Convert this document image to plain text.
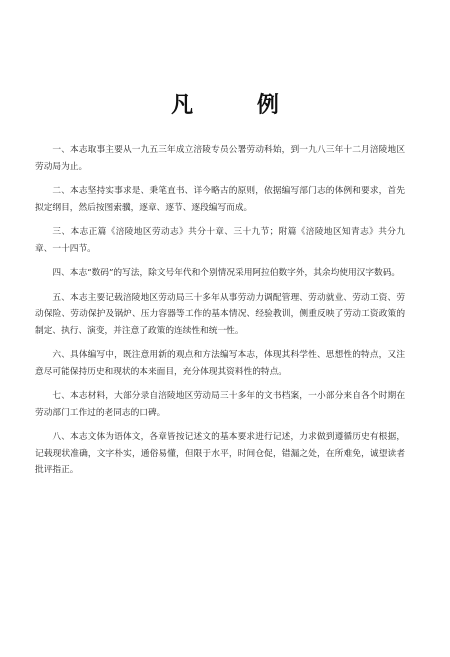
凡 例

一、本志取事主要从一九五三年成立涪陵专员公署劳动科始，到一九八三年十二月涪陵地区劳动局为止。

二、本志坚持实事求是、秉笔直书、详今略古的原则，依据编写部门志的体例和要求，首先拟定纲目，然后按图索骥，逐章、逐节、逐段编写而成。

三、本志正篇《涪陵地区劳动志》共分十章、三十九节；附篇《涪陵地区知青志》共分九章、一十四节。

四、本志“数码”的写法，除文号年代和个别情况采用阿拉伯数字外，其余均使用汉字数码。

五、本志主要记载涪陵地区劳动局三十多年从事劳动力调配管理、劳动就业、劳动工资、劳动保险、劳动保护及锅炉、压力容器等工作的基本情况、经验教训，侧重反映了劳动工资政策的制定、执行、演变，并注意了政策的连续性和统一性。

六、具体编写中，既注意用新的观点和方法编写本志，体现其科学性、思想性的特点，又注意尽可能保持历史和现状的本来面目，充分体现其资料性的特点。

七、本志材料，大部分录自涪陵地区劳动局三十多年的文书档案，一小部分来自各个时期在劳动部门工作过的老同志的口碑。

八、本志文体为语体文，各章皆按记述文的基本要求进行记述，力求做到遵循历史有根据，记载现状准确，文字朴实，通俗易懂，但限于水平，时间仓促，错漏之处，在所难免，诚望读者批评指正。
